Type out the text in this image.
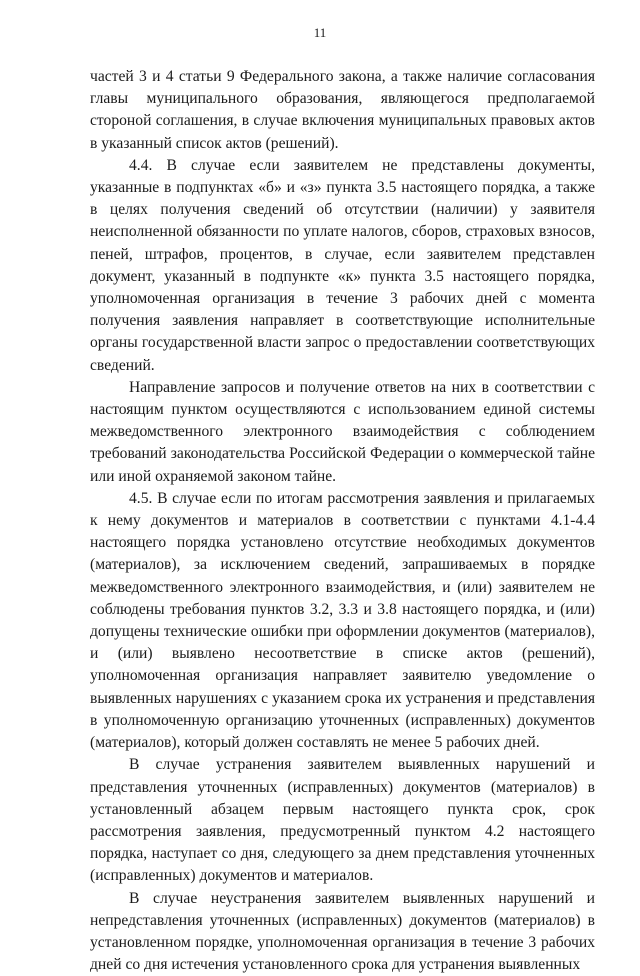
11

частей 3 и 4 статьи 9 Федерального закона, а также наличие согласования главы муниципального образования, являющегося предполагаемой стороной соглашения, в случае включения муниципальных правовых актов в указанный список актов (решений).

4.4. В случае если заявителем не представлены документы, указанные в подпунктах «б» и «з» пункта 3.5 настоящего порядка, а также в целях получения сведений об отсутствии (наличии) у заявителя неисполненной обязанности по уплате налогов, сборов, страховых взносов, пеней, штрафов, процентов, в случае, если заявителем представлен документ, указанный в подпункте «к» пункта 3.5 настоящего порядка, уполномоченная организация в течение 3 рабочих дней с момента получения заявления направляет в соответствующие исполнительные органы государственной власти запрос о предоставлении соответствующих сведений.

Направление запросов и получение ответов на них в соответствии с настоящим пунктом осуществляются с использованием единой системы межведомственного электронного взаимодействия с соблюдением требований законодательства Российской Федерации о коммерческой тайне или иной охраняемой законом тайне.

4.5. В случае если по итогам рассмотрения заявления и прилагаемых к нему документов и материалов в соответствии с пунктами 4.1-4.4 настоящего порядка установлено отсутствие необходимых документов (материалов), за исключением сведений, запрашиваемых в порядке межведомственного электронного взаимодействия, и (или) заявителем не соблюдены требования пунктов 3.2, 3.3 и 3.8 настоящего порядка, и (или) допущены технические ошибки при оформлении документов (материалов), и (или) выявлено несоответствие в списке актов (решений), уполномоченная организация направляет заявителю уведомление о выявленных нарушениях с указанием срока их устранения и представления в уполномоченную организацию уточненных (исправленных) документов (материалов), который должен составлять не менее 5 рабочих дней.

В случае устранения заявителем выявленных нарушений и представления уточненных (исправленных) документов (материалов) в установленный абзацем первым настоящего пункта срок, срок рассмотрения заявления, предусмотренный пунктом 4.2 настоящего порядка, наступает со дня, следующего за днем представления уточненных (исправленных) документов и материалов.

В случае неустранения заявителем выявленных нарушений и непредставления уточненных (исправленных) документов (материалов) в установленном порядке, уполномоченная организация в течение 3 рабочих дней со дня истечения установленного срока для устранения выявленных
